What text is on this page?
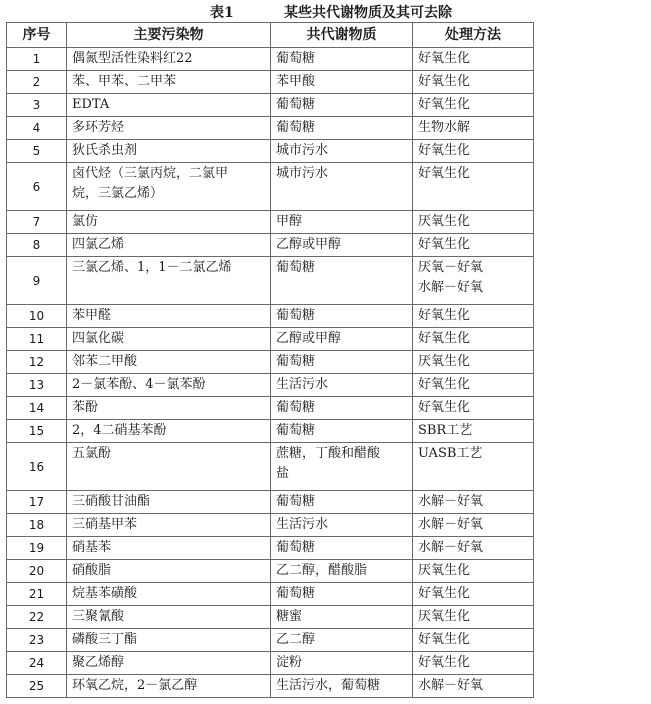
表1	某些共代谢物质及其可去除
序号	主要污染物	共代谢物质	处理方法
1	偶氮型活性染料红22	葡萄糖	好氧生化

2	苯、甲苯、二甲苯	苯甲酸	好氧生化

3	EDTA	葡萄糖	好氧生化

4	多环芳烃	葡萄糖	生物水解

5	狄氏杀虫剂	城市污水	好氧生化

6	卤代烃（三氯丙烷，二氯甲
烷，三氯乙烯）	城市污水	好氧生化

7	氯仿	甲醇	厌氧生化

8	四氯乙烯	乙醇或甲醇	好氧生化

9	三氯乙烯、1，1－二氯乙烯	葡萄糖	厌氧－好氧
水解－好氧

10	苯甲醛	葡萄糖	好氧生化

11	四氯化碳	乙醇或甲醇	好氧生化

12	邻苯二甲酸	葡萄糖	厌氧生化

13	2－氯苯酚、4－氯苯酚	生活污水	好氧生化

14	苯酚	葡萄糖	好氧生化

15	2，4二硝基苯酚	葡萄糖	SBR工艺

16	五氯酚	蔗糖，丁酸和醋酸
盐	UASB工艺

17	三硝酸甘油酯	葡萄糖	水解－好氧

18	三硝基甲苯	生活污水	水解－好氧

19	硝基苯	葡萄糖	水解－好氧

20	硝酸脂	乙二醇，醋酸脂	厌氧生化

21	烷基苯磺酸	葡萄糖	好氧生化

22	三聚氰酸	糖蜜	厌氧生化

23	磷酸三丁酯	乙二醇	好氧生化

24	聚乙烯醇	淀粉	好氧生化

25	环氧乙烷，2－氯乙醇	生活污水，葡萄糖	水解－好氧
